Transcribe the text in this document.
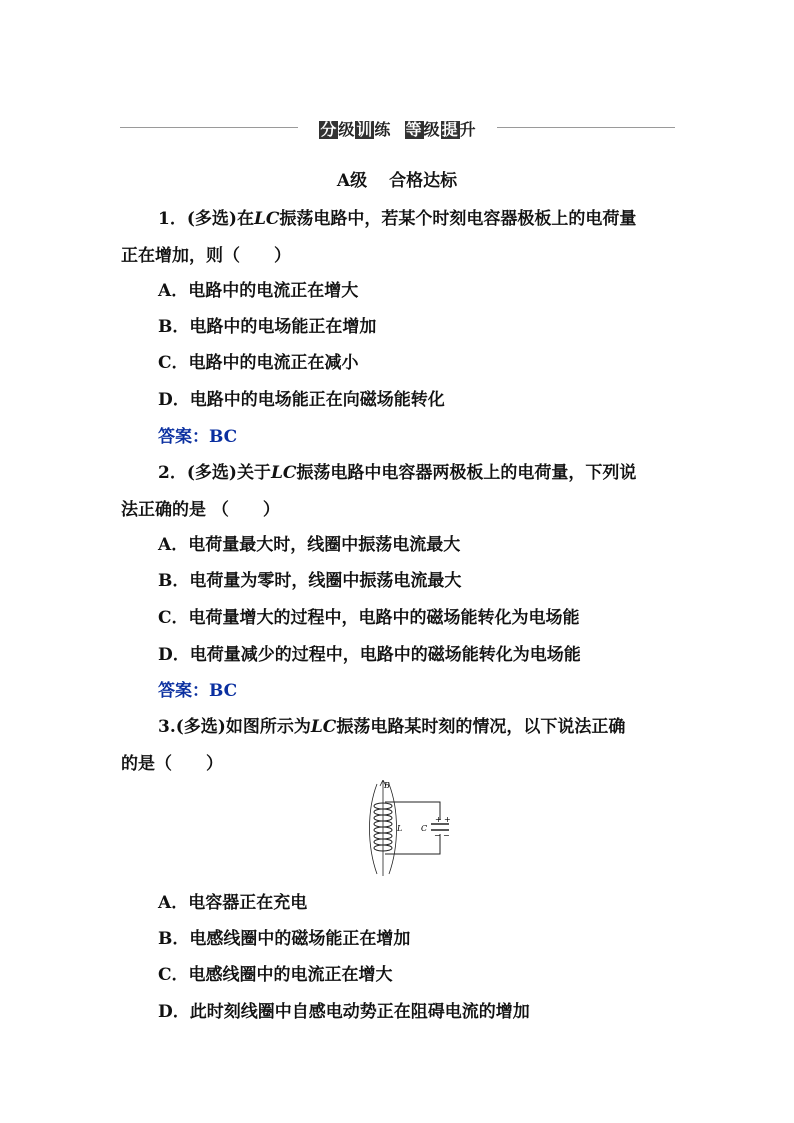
分级训练 等级提升
A级 合格达标
1．(多选)在LC振荡电路中，若某个时刻电容器极板上的电荷量
正在增加，则（　　）
A．电路中的电流正在增大
B．电路中的电场能正在增加
C．电路中的电流正在减小
D．电路中的电场能正在向磁场能转化
答案：BC
2．(多选)关于LC振荡电路中电容器两极板上的电荷量，下列说
法正确的是 （　　）
A．电荷量最大时，线圈中振荡电流最大
B．电荷量为零时，线圈中振荡电流最大
C．电荷量增大的过程中，电路中的磁场能转化为电场能
D．电荷量减少的过程中，电路中的磁场能转化为电场能
答案：BC
3.(多选)如图所示为LC振荡电路某时刻的情况，以下说法正确
的是（　　）
+ +
− −
C
B
L
A．电容器正在充电
B．电感线圈中的磁场能正在增加
C．电感线圈中的电流正在增大
D．此时刻线圈中自感电动势正在阻碍电流的增加
